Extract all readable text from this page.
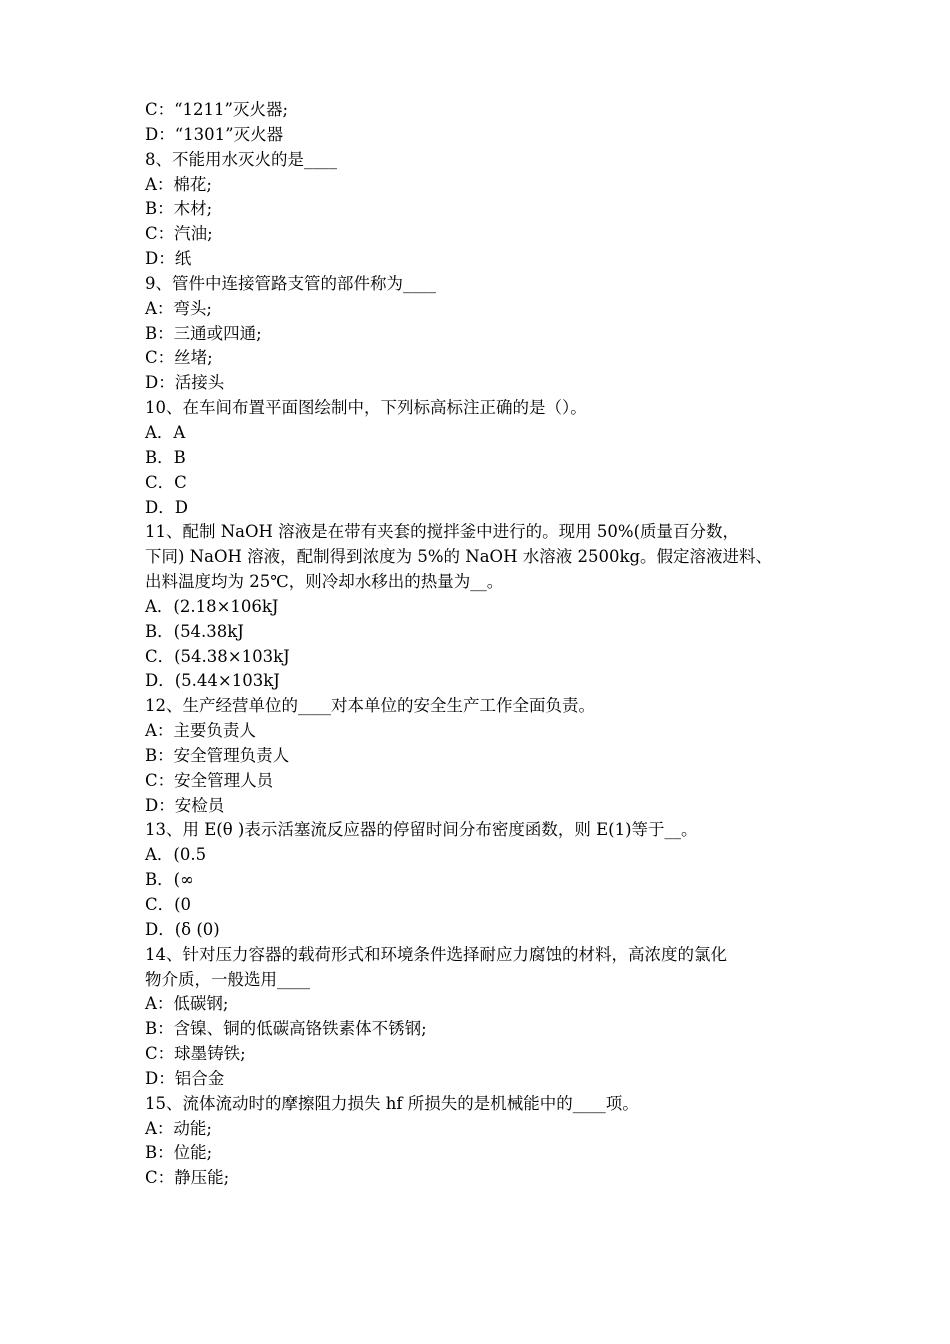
C：“1211”灭火器;
D：“1301”灭火器
8、不能用水灭火的是____
A：棉花;
B：木材;
C：汽油;
D：纸
9、管件中连接管路支管的部件称为____
A：弯头;
B：三通或四通;
C：丝堵;
D：活接头
10、在车间布置平面图绘制中，下列标高标注正确的是（）。
A．A
B．B
C．C
D．D
11、配制 NaOH 溶液是在带有夹套的搅拌釜中进行的。现用 50%(质量百分数，
下同) NaOH 溶液，配制得到浓度为 5%的 NaOH 水溶液 2500kg。假定溶液进料、
出料温度均为 25℃，则冷却水移出的热量为__。
A．(2.18×106kJ
B．(54.38kJ
C．(54.38×103kJ
D．(5.44×103kJ
12、生产经营单位的____对本单位的安全生产工作全面负责。
A：主要负责人
B：安全管理负责人
C：安全管理人员
D：安检员
13、用 E(θ )表示活塞流反应器的停留时间分布密度函数，则 E(1)等于__。
A．(0.5
B．(∞
C．(0
D．(δ (0)
14、针对压力容器的载荷形式和环境条件选择耐应力腐蚀的材料，高浓度的氯化
物介质，一般选用____
A：低碳钢;
B：含镍、铜的低碳高铬铁素体不锈钢;
C：球墨铸铁;
D：铝合金
15、流体流动时的摩擦阻力损失 hf 所损失的是机械能中的____项。
A：动能;
B：位能;
C：静压能;
